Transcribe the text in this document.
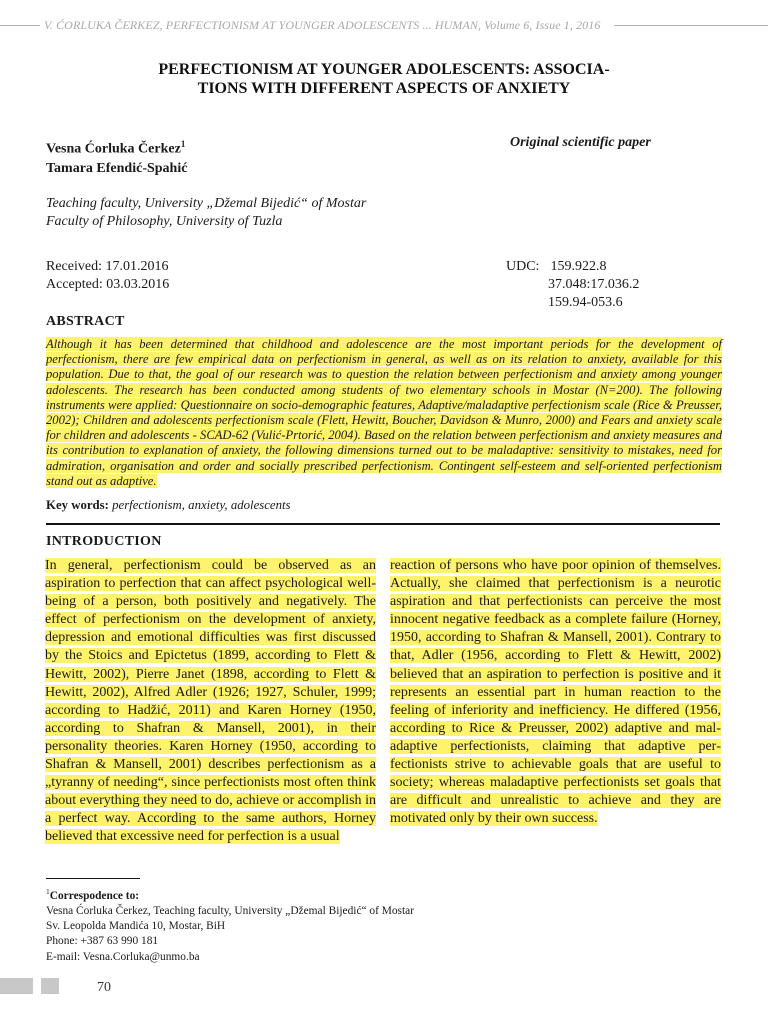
V. ĆORLUKA ČERKEZ, PERFECTIONISM AT YOUNGER ADOLESCENTS ... HUMAN, Volume 6, Issue 1, 2016
PERFECTIONISM AT YOUNGER ADOLESCENTS: ASSOCIA-
TIONS WITH DIFFERENT ASPECTS OF ANXIETY
Vesna Ćorluka Čerkez$^1$
Tamara Efendić-Spahić
Original scientific paper
Teaching faculty, University „Džemal Bijedić“ of Mostar
Faculty of Philosophy, University of Tuzla
Received: 17.01.2016
Accepted: 03.03.2016
UDC: 159.922.8
37.048:17.036.2
159.94-053.6
ABSTRACT

Although it has been determined that childhood and adolescence are the most important periods for the development of perfectionism, there are few empirical data on perfectionism in general, as well as on its relation to anxiety, available for this population. Due to that, the goal of our research was to question the relation between perfectionism and anxiety among younger adolescents. The research has been conducted among students of two elementary schools in Mostar (N=200). The following instruments were applied: Questionnaire on socio-demographic features, Adaptive/maladaptive perfectionism scale (Rice & Preusser, 2002); Children and adolescents perfectionism scale (Flett, Hewitt, Boucher, Davidson & Munro, 2000) and Fears and anxiety scale for children and adolescents - SCAD-62 (Vulić-Prtorić, 2004). Based on the relation between perfectionism and anxiety measures and its contribution to explanation of anxiety, the following dimensions turned out to be maladaptive: sensitivity to mistakes, need for admiration, organisation and order and socially prescribed perfectionism. Contingent self-esteem and self-oriented perfectionism stand out as adaptive.

Key words: perfectionism, anxiety, adolescents

INTRODUCTION

In general, perfectionism could be observed as an aspiration to perfection that can affect psychological well-being of a person, both positively and negatively. The effect of perfectionism on the development of anxiety, depression and emotional difficulties was first discussed by the Stoics and Epictetus (1899, according to Flett & Hewitt, 2002), Pierre Janet (1898, according to Flett & Hewitt, 2002), Alfred Adler (1926; 1927, Schuler, 1999; according to Hadžić, 2011) and Karen Horney (1950, according to Shafran & Mansell, 2001), in their personality theories. Karen Horney (1950, according to Shafran & Mansell, 2001) describes perfectionism as a „tyranny of needing“, since perfectionists most often think about everything they need to do, achieve or accomplish in a perfect way. According to the same authors, Horney believed that excessive need for perfection is a usual

reaction of persons who have poor opinion of themselves. Actually, she claimed that perfectionism is a neurotic aspiration and that perfectionists can perceive the most innocent negative feedback as a complete failure (Horney, 1950, according to Shafran & Mansell, 2001). Contrary to that, Adler (1956, according to Flett & Hewitt, 2002) believed that an aspiration to perfection is positive and it represents an essential part in human reaction to the feeling of inferiority and inefficiency. He differed (1956, according to Rice & Preusser, 2002) adaptive and maladaptive perfectionists, claiming that adaptive perfectionists strive to achievable goals that are useful to society; whereas maladaptive perfectionists set goals that are difficult and unrealistic to achieve and they are motivated only by their own success.

$^1$Correspodence to:
Vesna Ćorluka Čerkez, Teaching faculty, University „Džemal Bijedić“ of Mostar
Sv. Leopolda Mandića 10, Mostar, BiH
Phone: +387 63 990 181
E-mail: Vesna.Corluka@unmo.ba
70
